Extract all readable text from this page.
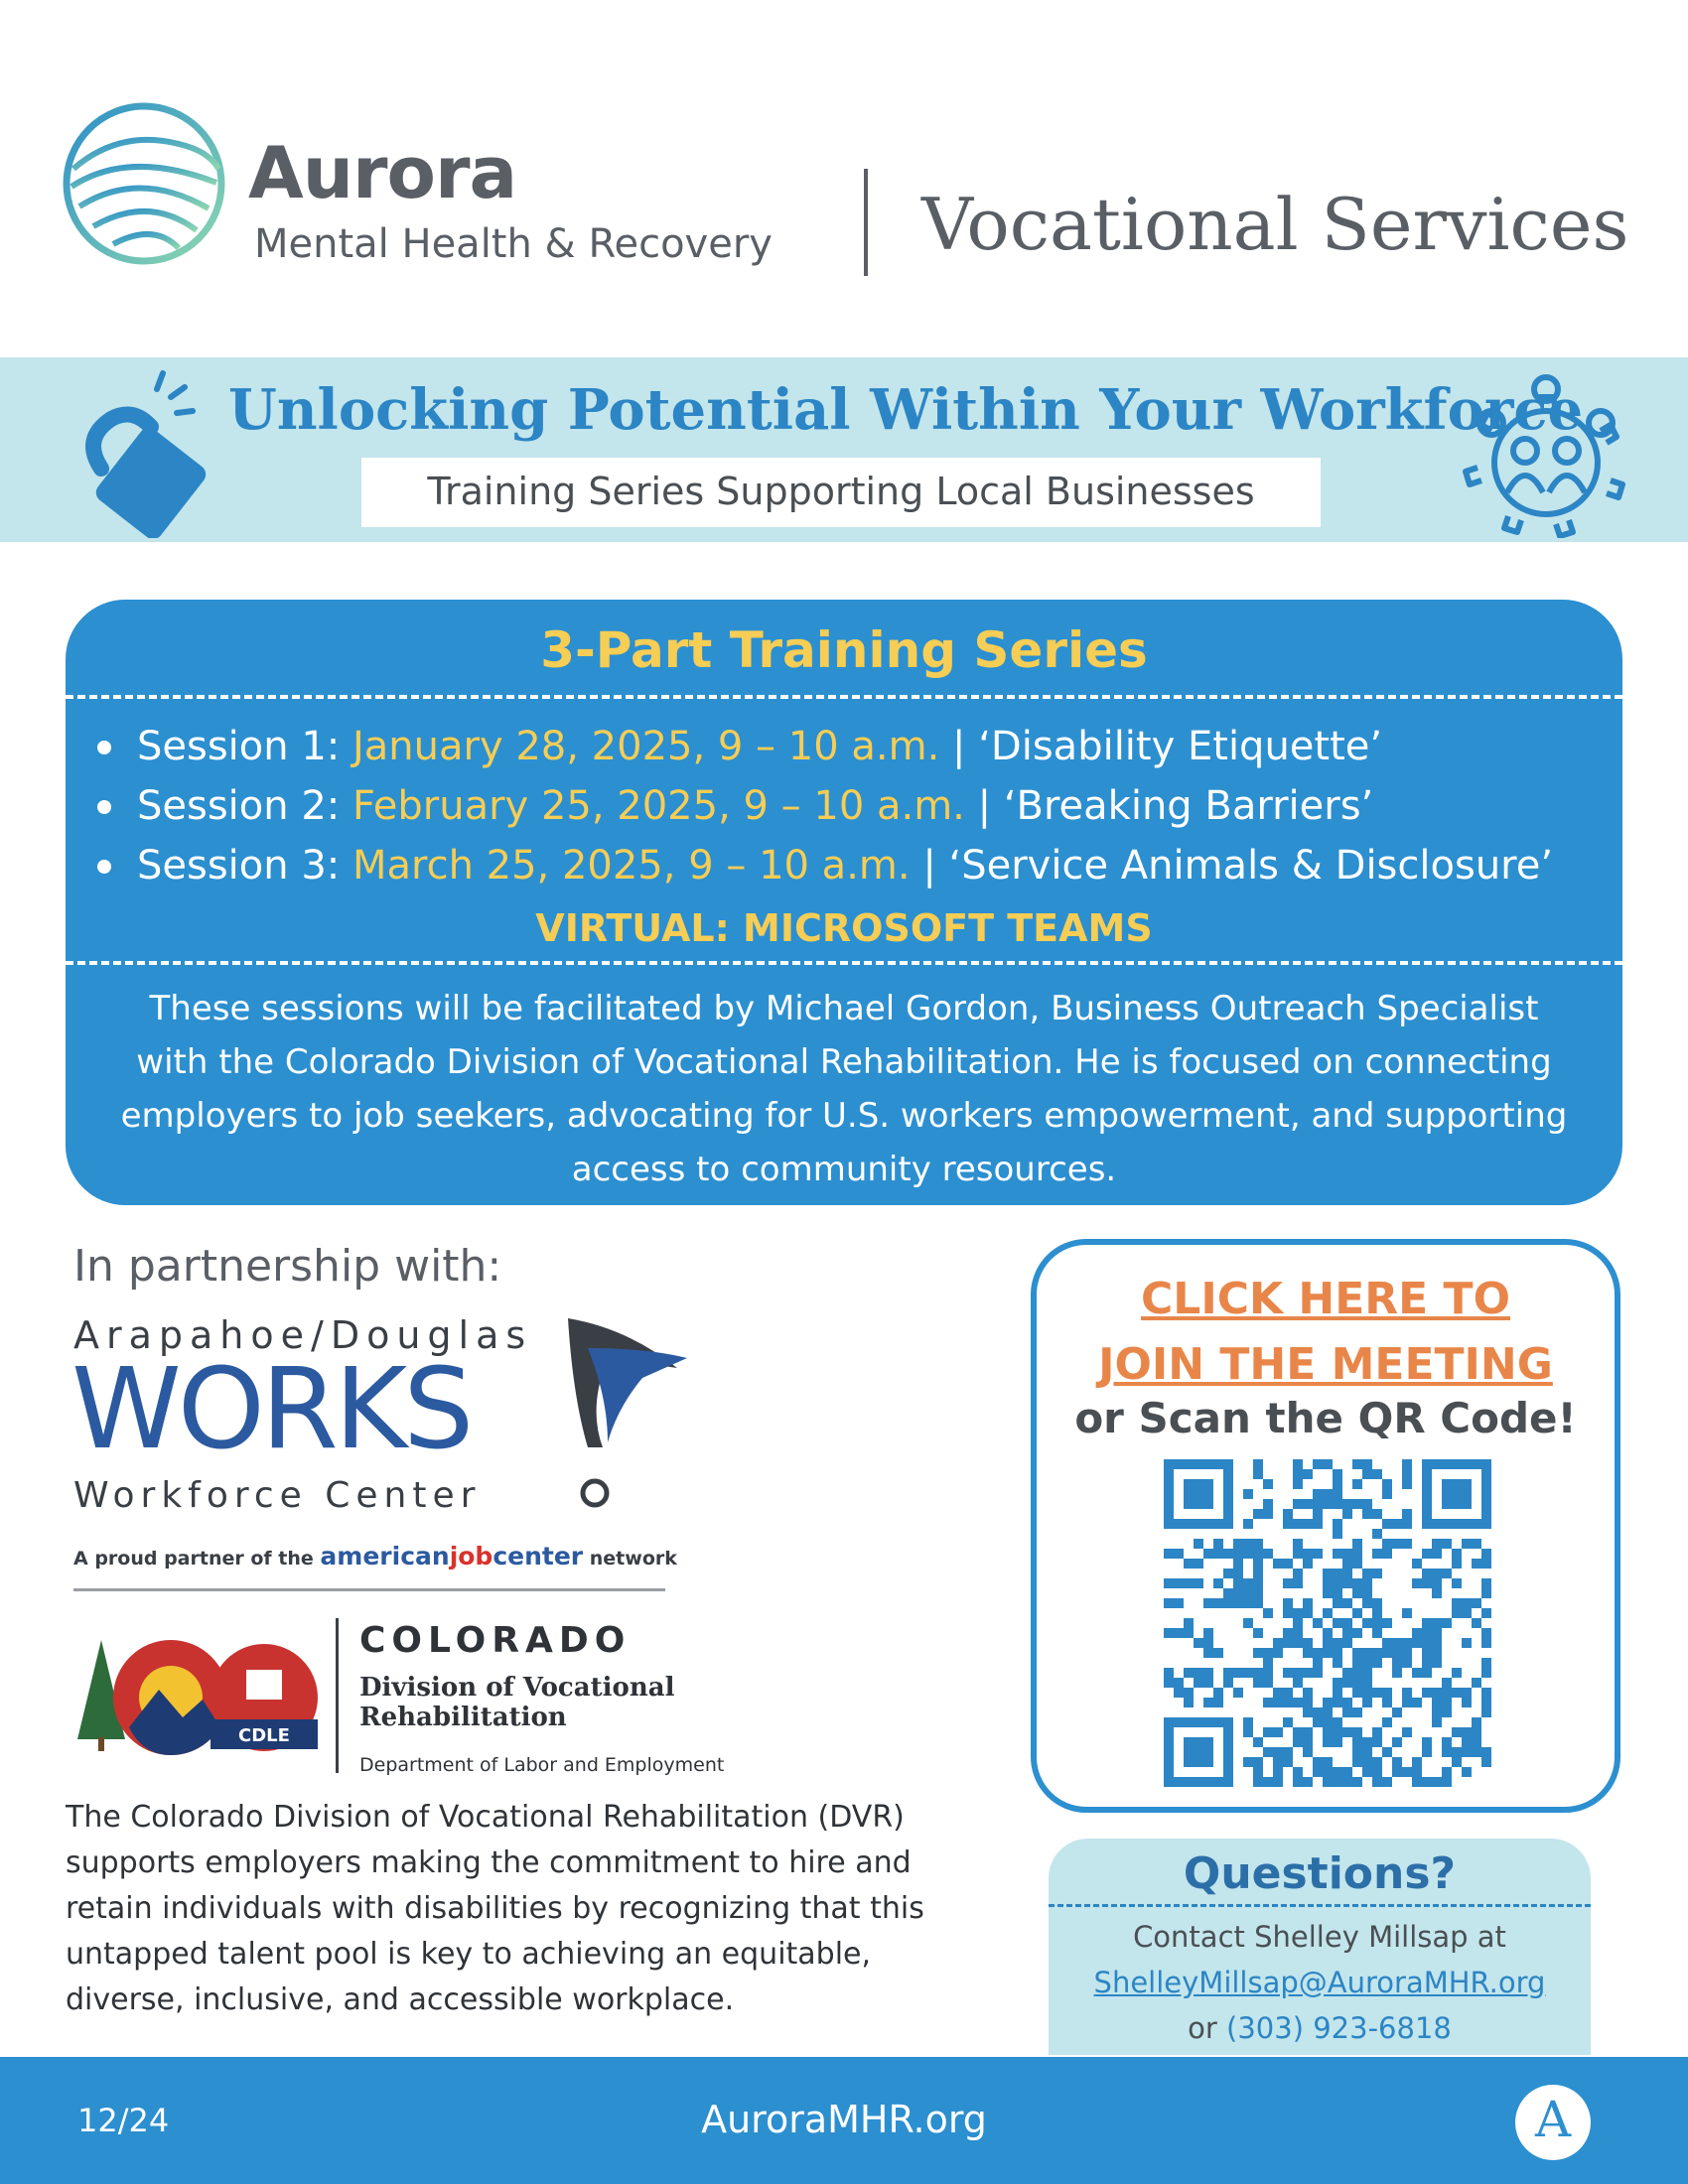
Aurora
Mental Health & Recovery Vocational Services
Unlocking Potential Within Your Workforce
Training Series Supporting Local Businesses
3-Part Training Series
Session 1: January 28, 2025, 9 – 10 a.m. | ‘Disability Etiquette’
Session 2: February 25, 2025, 9 – 10 a.m. | ‘Breaking Barriers’
Session 3: March 25, 2025, 9 – 10 a.m. | ‘Service Animals & Disclosure’
VIRTUAL: MICROSOFT TEAMS
These sessions will be facilitated by Michael Gordon, Business Outreach Specialist with the Colorado Division of Vocational Rehabilitation. He is focused on connecting employers to job seekers, advocating for U.S. workers empowerment, and supporting access to community resources.
In partnership with:
Arapahoe/Douglas
WORKS
Workforce Center
A proud partner of the americanjobcenter network
CDLE
COLORADO
Division of Vocational
Rehabilitation
Department of Labor and Employment
The Colorado Division of Vocational Rehabilitation (DVR) supports employers making the commitment to hire and retain individuals with disabilities by recognizing that this untapped talent pool is key to achieving an equitable, diverse, inclusive, and accessible workplace.
CLICK HERE TO
JOIN THE MEETING
or Scan the QR Code!
Questions?
Contact Shelley Millsap at
ShelleyMillsap@AuroraMHR.org
or (303) 923-6818
12/24	AuroraMHR.org	A
